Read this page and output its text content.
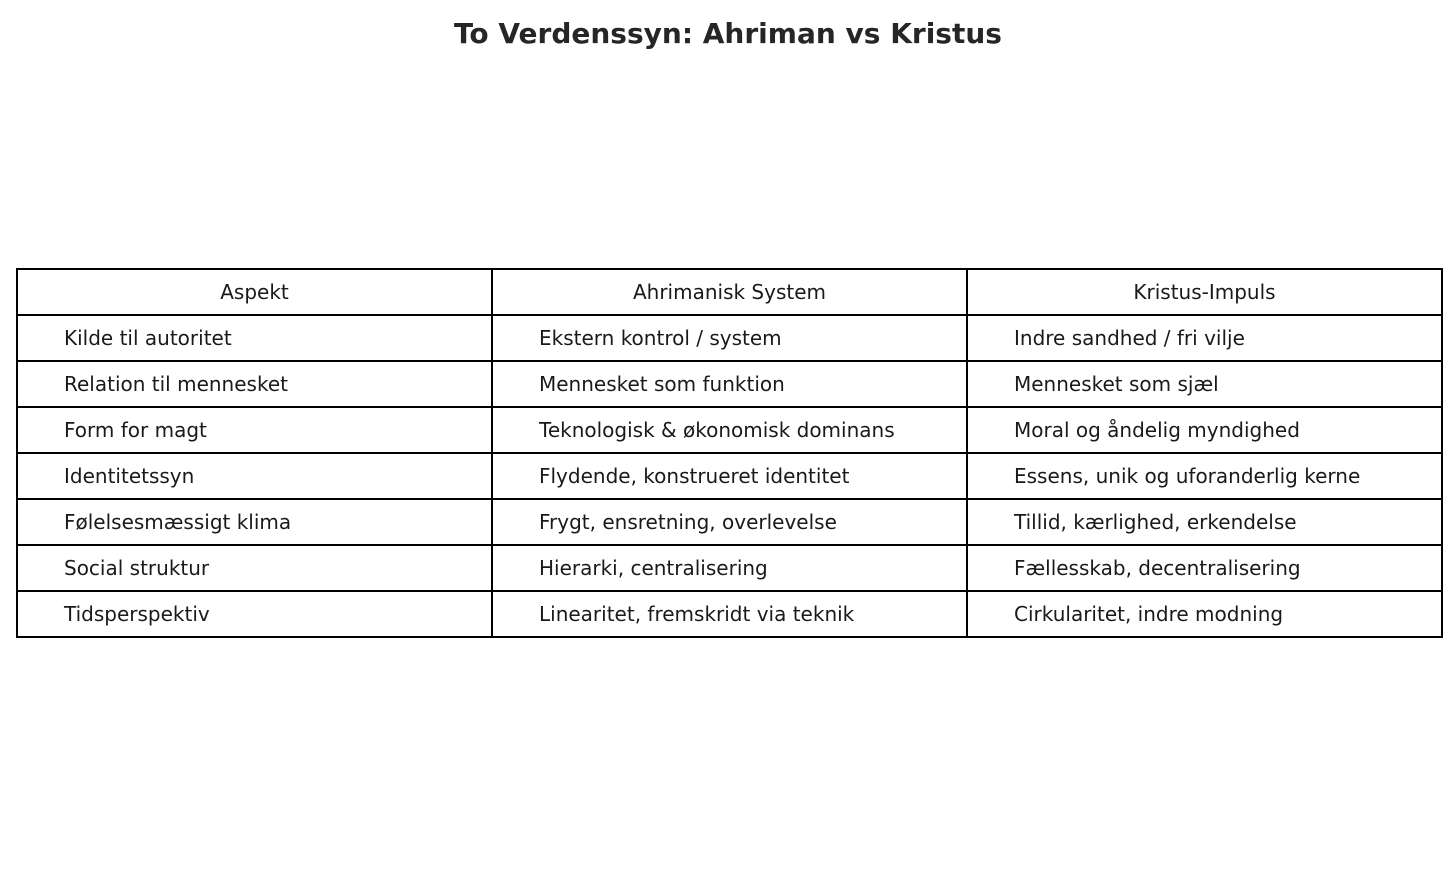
To Verdenssyn: Ahriman vs Kristus
Aspekt	Ahrimanisk System	Kristus-Impuls
Kilde til autoritet	Ekstern kontrol / system	Indre sandhed / fri vilje
Relation til mennesket	Mennesket som funktion	Mennesket som sjæl
Form for magt	Teknologisk & økonomisk dominans	Moral og åndelig myndighed
Identitetssyn	Flydende, konstrueret identitet	Essens, unik og uforanderlig kerne
Følelsesmæssigt klima	Frygt, ensretning, overlevelse	Tillid, kærlighed, erkendelse
Social struktur	Hierarki, centralisering	Fællesskab, decentralisering
Tidsperspektiv	Linearitet, fremskridt via teknik	Cirkularitet, indre modning
